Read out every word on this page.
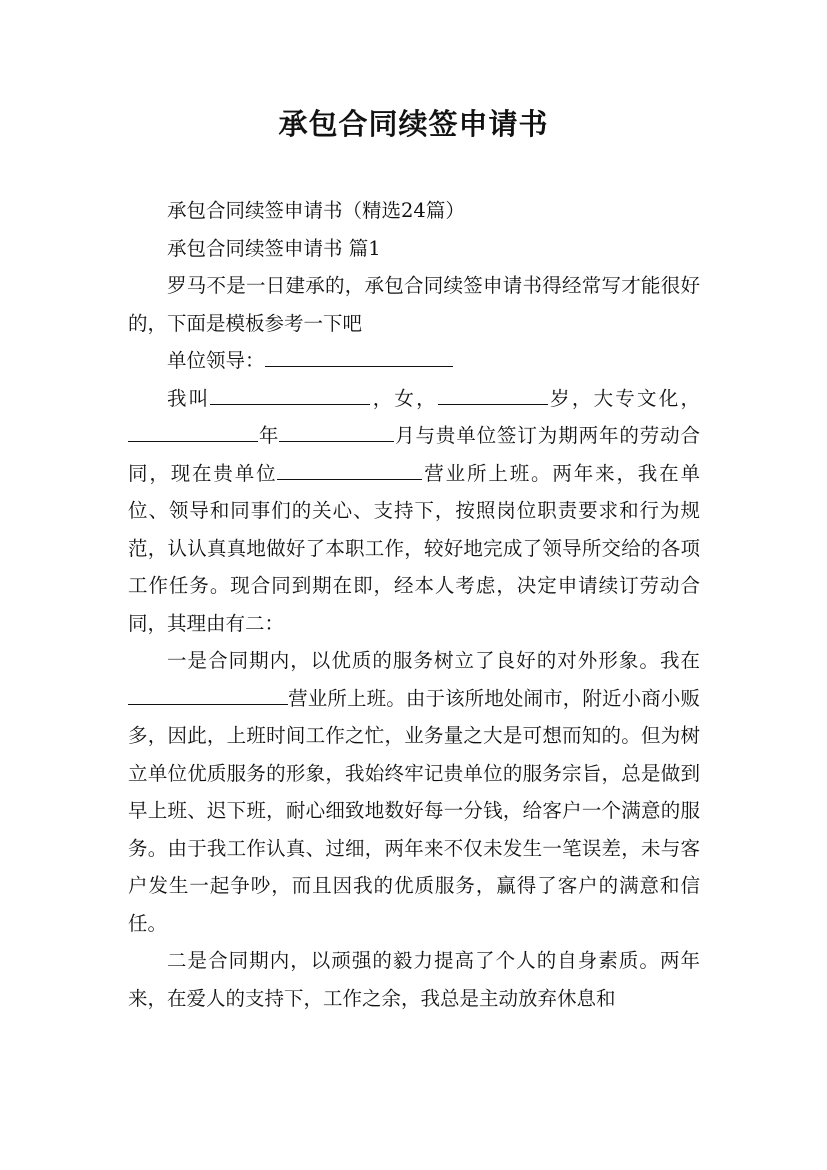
承包合同续签申请书

承包合同续签申请书（精选24篇）

承包合同续签申请书 篇1

罗马不是一日建承的，承包合同续签申请书得经常写才能很好的，下面是模板参考一下吧

单位领导：

我叫	，女，	岁，大专文化，年	月与贵单位签订为期两年的劳动合同，现在贵单位	营业所上班。两年来，我在单位、领导和同事们的关心、支持下，按照岗位职责要求和行为规范，认认真真地做好了本职工作，较好地完成了领导所交给的各项工作任务。现合同到期在即，经本人考虑，决定申请续订劳动合同，其理由有二：

一是合同期内，以优质的服务树立了良好的对外形象。我在营业所上班。由于该所地处闹市，附近小商小贩多，因此，上班时间工作之忙，业务量之大是可想而知的。但为树立单位优质服务的形象，我始终牢记贵单位的服务宗旨，总是做到早上班、迟下班，耐心细致地数好每一分钱，给客户一个满意的服务。由于我工作认真、过细，两年来不仅未发生一笔误差，未与客户发生一起争吵，而且因我的优质服务，赢得了客户的满意和信任。

二是合同期内，以顽强的毅力提高了个人的自身素质。两年来，在爱人的支持下，工作之余，我总是主动放弃休息和
